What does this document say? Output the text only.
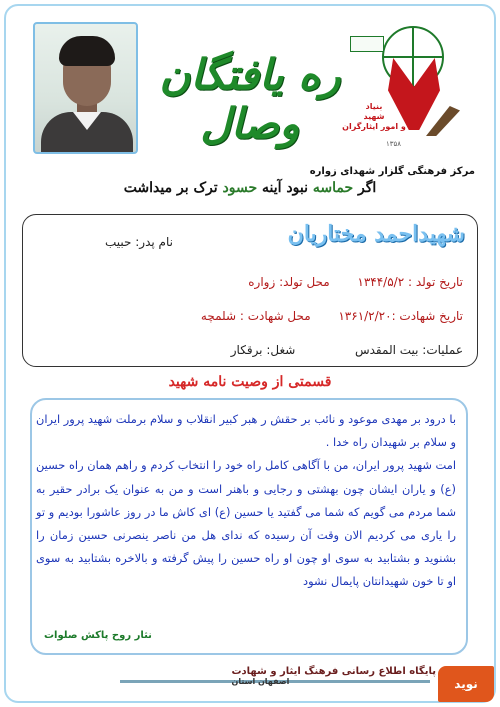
ره یافتگان وصال	بنیاد
شهید
و امور ایثارگران
۱۳۵۸
مرکز فرهنگی گلزار شهدای زواره
اگر حماسه نبود آینه حسود ترک بر میداشت
شهیداحمد مختاریان
نام پدر: حبیب
تاریخ تولد : ۱۳۴۴/۵/۲  محل تولد: زواره
تاریخ شهادت :۱۳۶۱/۲/۲۰  محل شهادت : شلمچه
عملیات: بیت المقدس  شغل: برقکار
قسمتی از وصیت نامه شهید

با درود بر مهدی موعود و نائب بر حقش ر هبر کبیر انقلاب و سلام برملت شهید پرور ایران و سلام بر شهیدان راه خدا .

امت شهید پرور ایران، من با آگاهی کامل راه خود را انتخاب کردم و راهم همان راه حسین (ع) و یاران ایشان چون بهشتی و رجایی و باهنر است و من به عنوان یک برادر حقیر به شما مردم می گویم که شما می گفتید یا حسین (ع) ای کاش ما در روز عاشورا بودیم و تو را یاری می کردیم الان وقت آن رسیده که ندای هل من ناصر ینصرنی حسین زمان را بشنوید و بشتابید به سوی او چون او راه حسین را پیش گرفته و بالاخره بشتابید به سوی او تا خون شهیدانتان پایمال نشود

نثار روح پاکش صلوات
پایگاه اطلاع رسانی فرهنگ ایثار و شهادت
اصفهان استان	نوید
